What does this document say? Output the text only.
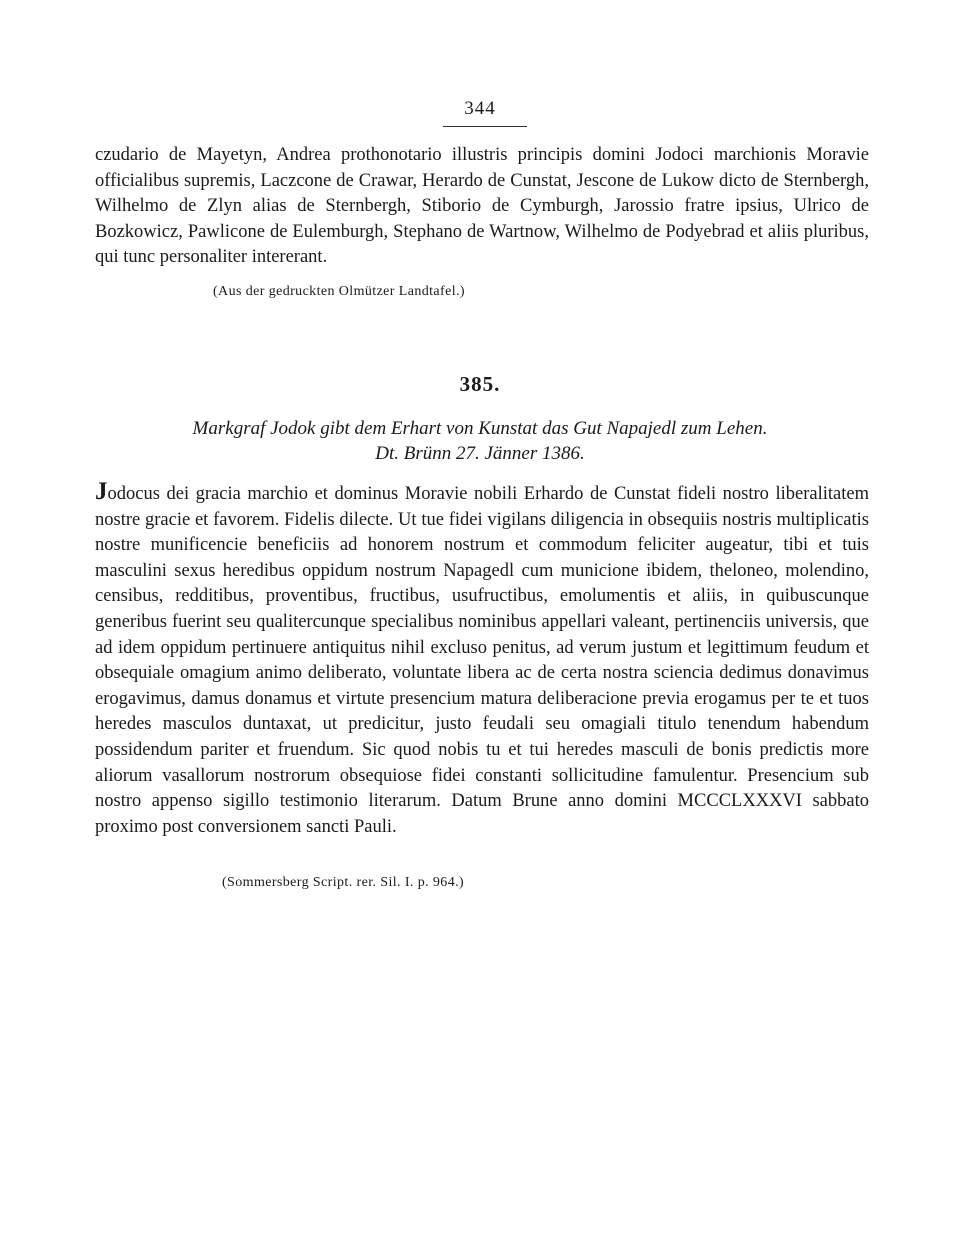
344

czudario de Mayetyn, Andrea prothonotario illustris principis domini Jodoci marchionis Moravie officialibus supremis, Laczcone de Crawar, Herardo de Cunstat, Jescone de Lukow dicto de Sternbergh, Wilhelmo de Zlyn alias de Sternbergh, Stiborio de Cymburgh, Jarossio fratre ipsius, Ulrico de Bozkowicz, Pawlicone de Eulemburgh, Stephano de Wartnow, Wilhelmo de Podyebrad et aliis pluribus, qui tunc personaliter intererant.

(Aus der gedruckten Olmützer Landtafel.)
385.
Markgraf Jodok gibt dem Erhart von Kunstat das Gut Napajedl zum Lehen.
Dt. Brünn 27. Jänner 1386.

Jodocus dei gracia marchio et dominus Moravie nobili Erhardo de Cunstat fideli nostro liberalitatem nostre gracie et favorem. Fidelis dilecte. Ut tue fidei vigilans diligencia in obsequiis nostris multiplicatis nostre munificencie beneficiis ad honorem nostrum et commodum feliciter augeatur, tibi et tuis masculini sexus heredibus oppidum nostrum Napagedl cum municione ibidem, theloneo, molendino, censibus, redditibus, proventibus, fructibus, usufructibus, emolumentis et aliis, in quibuscunque generibus fuerint seu qualitercunque specialibus nominibus appellari valeant, pertinenciis universis, que ad idem oppidum pertinuere antiquitus nihil excluso penitus, ad verum justum et legittimum feudum et obsequiale omagium animo deliberato, voluntate libera ac de certa nostra sciencia dedimus donavimus erogavimus, damus donamus et virtute presencium matura deliberacione previa erogamus per te et tuos heredes masculos duntaxat, ut predicitur, justo feudali seu omagiali titulo tenendum habendum possidendum pariter et fruendum. Sic quod nobis tu et tui heredes masculi de bonis predictis more aliorum vasallorum nostrorum obsequiose fidei constanti sollicitudine famulentur. Presencium sub nostro appenso sigillo testimonio literarum. Datum Brune anno domini MCCCLXXXVI sabbato proximo post conversionem sancti Pauli.

(Sommersberg Script. rer. Sil. I. p. 964.)
